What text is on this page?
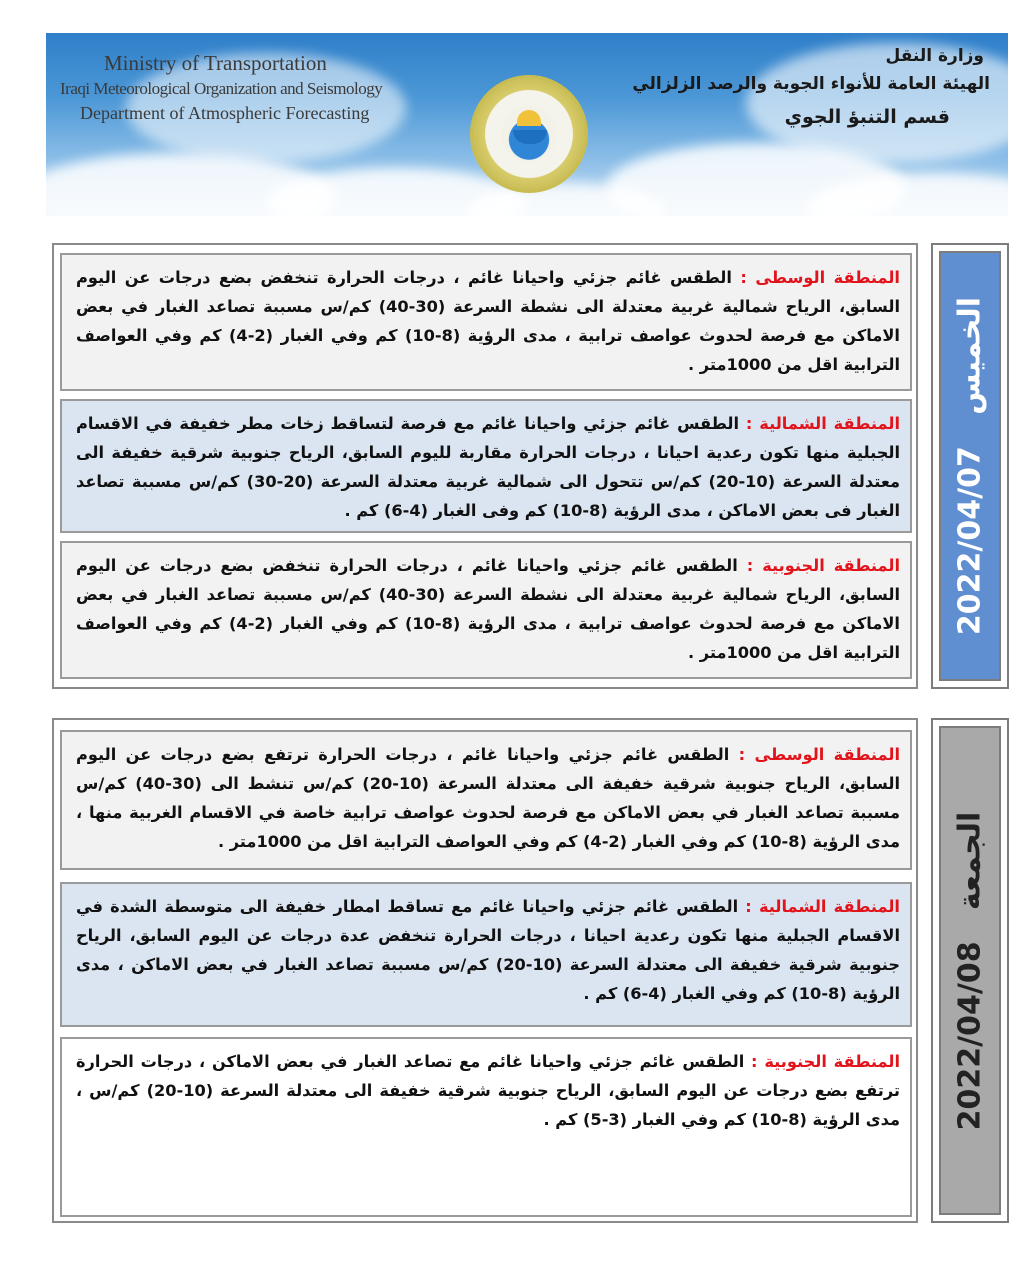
Ministry of Transportation
Iraqi Meteorological Organization and Seismology
Department of Atmospheric Forecasting
وزارة النقل
الهيئة العامة للأنواء الجوية والرصد الزلزالي
قسم التنبؤ الجوي
المنطقة الوسطى : الطقس غائم جزئي واحيانا غائم ، درجات الحرارة تنخفض بضع درجات عن اليوم السابق، الرياح شمالية غربية معتدلة الى نشطة السرعة (30-40) كم/س مسببة تصاعد الغبار في بعض الاماكن مع فرصة لحدوث عواصف ترابية ، مدى الرؤية (8-10) كم وفي الغبار (2-4) كم وفي العواصف الترابية اقل من 1000متر .
المنطقة الشمالية : الطقس غائم جزئي واحيانا غائم مع فرصة لتساقط زخات مطر خفيفة في الاقسام الجبلية منها تكون رعدية احيانا ، درجات الحرارة مقاربة لليوم السابق، الرياح جنوبية شرقية خفيفة الى معتدلة السرعة (10-20) كم/س تتحول الى شمالية غربية معتدلة السرعة (20-30) كم/س مسببة تصاعد الغبار فى بعض الاماكن ، مدى الرؤية (8-10) كم وفى الغبار (4-6) كم .
المنطقة الجنوبية : الطقس غائم جزئي واحيانا غائم ، درجات الحرارة تنخفض بضع درجات عن اليوم السابق، الرياح شمالية غربية معتدلة الى نشطة السرعة (30-40) كم/س مسببة تصاعد الغبار في بعض الاماكن مع فرصة لحدوث عواصف ترابية ، مدى الرؤية (8-10) كم وفي الغبار (2-4) كم وفي العواصف الترابية اقل من 1000متر .
الخميس   2022/04/07
المنطقة الوسطى : الطقس غائم جزئي واحيانا غائم ، درجات الحرارة ترتفع بضع درجات عن اليوم السابق، الرياح جنوبية شرقية خفيفة الى معتدلة السرعة (10-20) كم/س تنشط الى (30-40) كم/س مسببة تصاعد الغبار في بعض الاماكن مع فرصة لحدوث عواصف ترابية خاصة في الاقسام الغربية منها ، مدى الرؤية (8-10) كم وفي الغبار (2-4) كم وفي العواصف الترابية اقل من 1000متر .
المنطقة الشمالية : الطقس غائم جزئي واحيانا غائم مع تساقط امطار خفيفة الى متوسطة الشدة في الاقسام الجبلية منها تكون رعدية احيانا ، درجات الحرارة تنخفض عدة درجات عن اليوم السابق، الرياح جنوبية شرقية خفيفة الى معتدلة السرعة (10-20) كم/س مسببة تصاعد الغبار في بعض الاماكن ، مدى الرؤية (8-10) كم وفي الغبار (4-6) كم .
المنطقة الجنوبية : الطقس غائم جزئي واحيانا غائم مع تصاعد الغبار في بعض الاماكن ، درجات الحرارة ترتفع بضع درجات عن اليوم السابق، الرياح جنوبية شرقية خفيفة الى معتدلة السرعة (10-20) كم/س ، مدى الرؤية (8-10) كم وفي الغبار (3-5) كم .
الجمعة   2022/04/08
